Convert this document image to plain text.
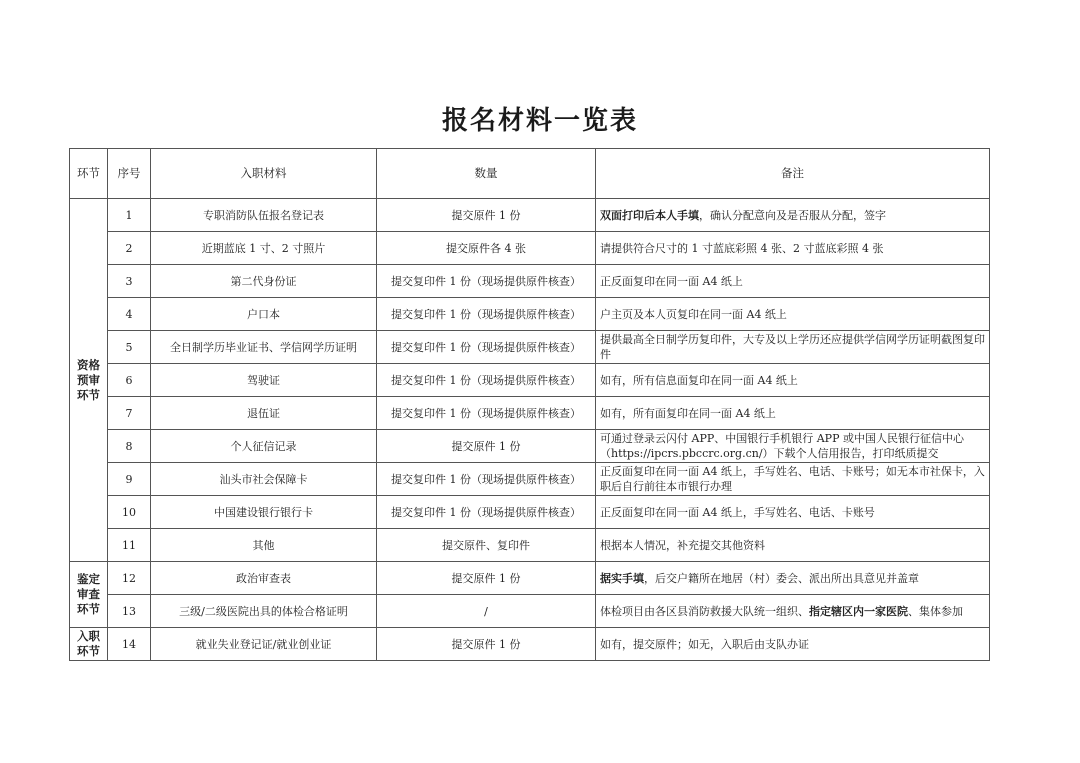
报名材料一览表
环节	序号	入职材料	数量	备注

资格
预审
环节	1	专职消防队伍报名登记表	提交原件 1 份	双面打印后本人手填，确认分配意向及是否服从分配，签字
	2	近期蓝底 1 寸、2 寸照片	提交原件各 4 张	请提供符合尺寸的 1 寸蓝底彩照 4 张、2 寸蓝底彩照 4 张
	3	第二代身份证	提交复印件 1 份（现场提供原件核查）	正反面复印在同一面 A4 纸上
	4	户口本	提交复印件 1 份（现场提供原件核查）	户主页及本人页复印在同一面 A4 纸上
	5	全日制学历毕业证书、学信网学历证明	提交复印件 1 份（现场提供原件核查）	提供最高全日制学历复印件，大专及以上学历还应提供学信网学历证明截图复印件
	6	驾驶证	提交复印件 1 份（现场提供原件核查）	如有，所有信息面复印在同一面 A4 纸上
	7	退伍证	提交复印件 1 份（现场提供原件核查）	如有，所有面复印在同一面 A4 纸上
	8	个人征信记录	提交原件 1 份	可通过登录云闪付 APP、中国银行手机银行 APP 或中国人民银行征信中心（https://ipcrs.pbccrc.org.cn/）下载个人信用报告，打印纸质提交
	9	汕头市社会保障卡	提交复印件 1 份（现场提供原件核查）	正反面复印在同一面 A4 纸上，手写姓名、电话、卡账号；如无本市社保卡，入职后自行前往本市银行办理
	10	中国建设银行银行卡	提交复印件 1 份（现场提供原件核查）	正反面复印在同一面 A4 纸上，手写姓名、电话、卡账号
	11	其他	提交原件、复印件	根据本人情况，补充提交其他资料

鉴定
审查
环节	12	政治审查表	提交原件 1 份	据实手填，后交户籍所在地居（村）委会、派出所出具意见并盖章
	13	三级/二级医院出具的体检合格证明	/	体检项目由各区县消防救援大队统一组织、指定辖区内一家医院、集体参加

入职
环节	14	就业失业登记证/就业创业证	提交原件 1 份	如有，提交原件；如无，入职后由支队办证
